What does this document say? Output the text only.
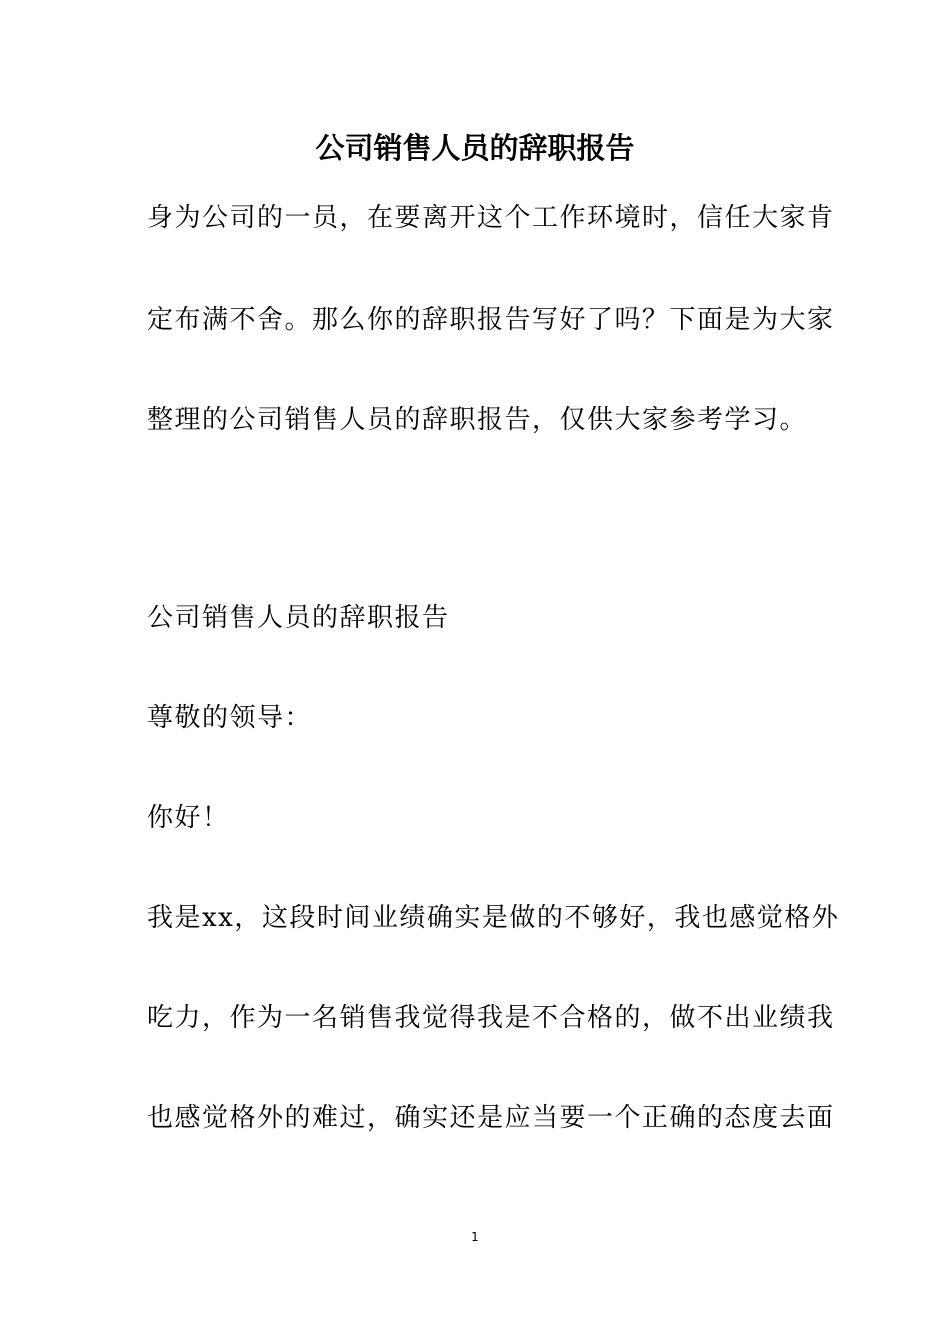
公司销售人员的辞职报告
身为公司的一员，在要离开这个工作环境时，信任大家肯
定布满不舍。那么你的辞职报告写好了吗？下面是为大家
整理的公司销售人员的辞职报告，仅供大家参考学习。
公司销售人员的辞职报告
尊敬的领导：
你好！
我是xx，这段时间业绩确实是做的不够好，我也感觉格外
吃力，作为一名销售我觉得我是不合格的，做不出业绩我
也感觉格外的难过，确实还是应当要一个正确的态度去面
1
